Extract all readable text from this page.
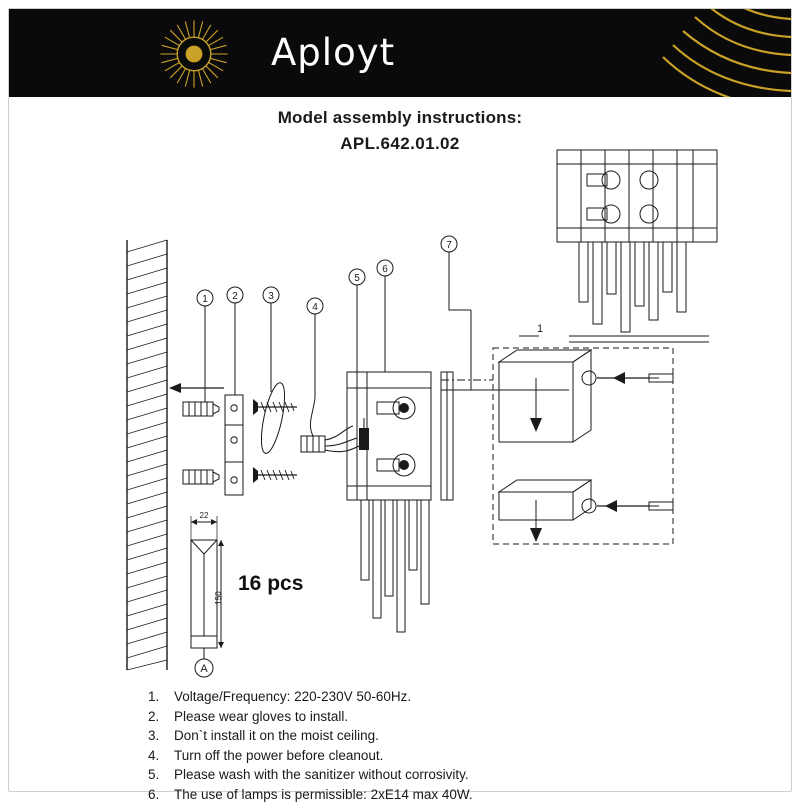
Aployt
Model assembly instructions:
APL.642.01.02
1 2	3
4
5
6
7
1
22
150
A
16 pcs
1.	Voltage/Frequency: 220-230V 50-60Hz.
2.	Please wear gloves to install.
3.	Don`t install it on the moist ceiling.
4.	Turn off the power before cleanout.
5.	Please wash with the sanitizer without corrosivity.
6.	The use of lamps is permissible: 2xE14 max 40W.
